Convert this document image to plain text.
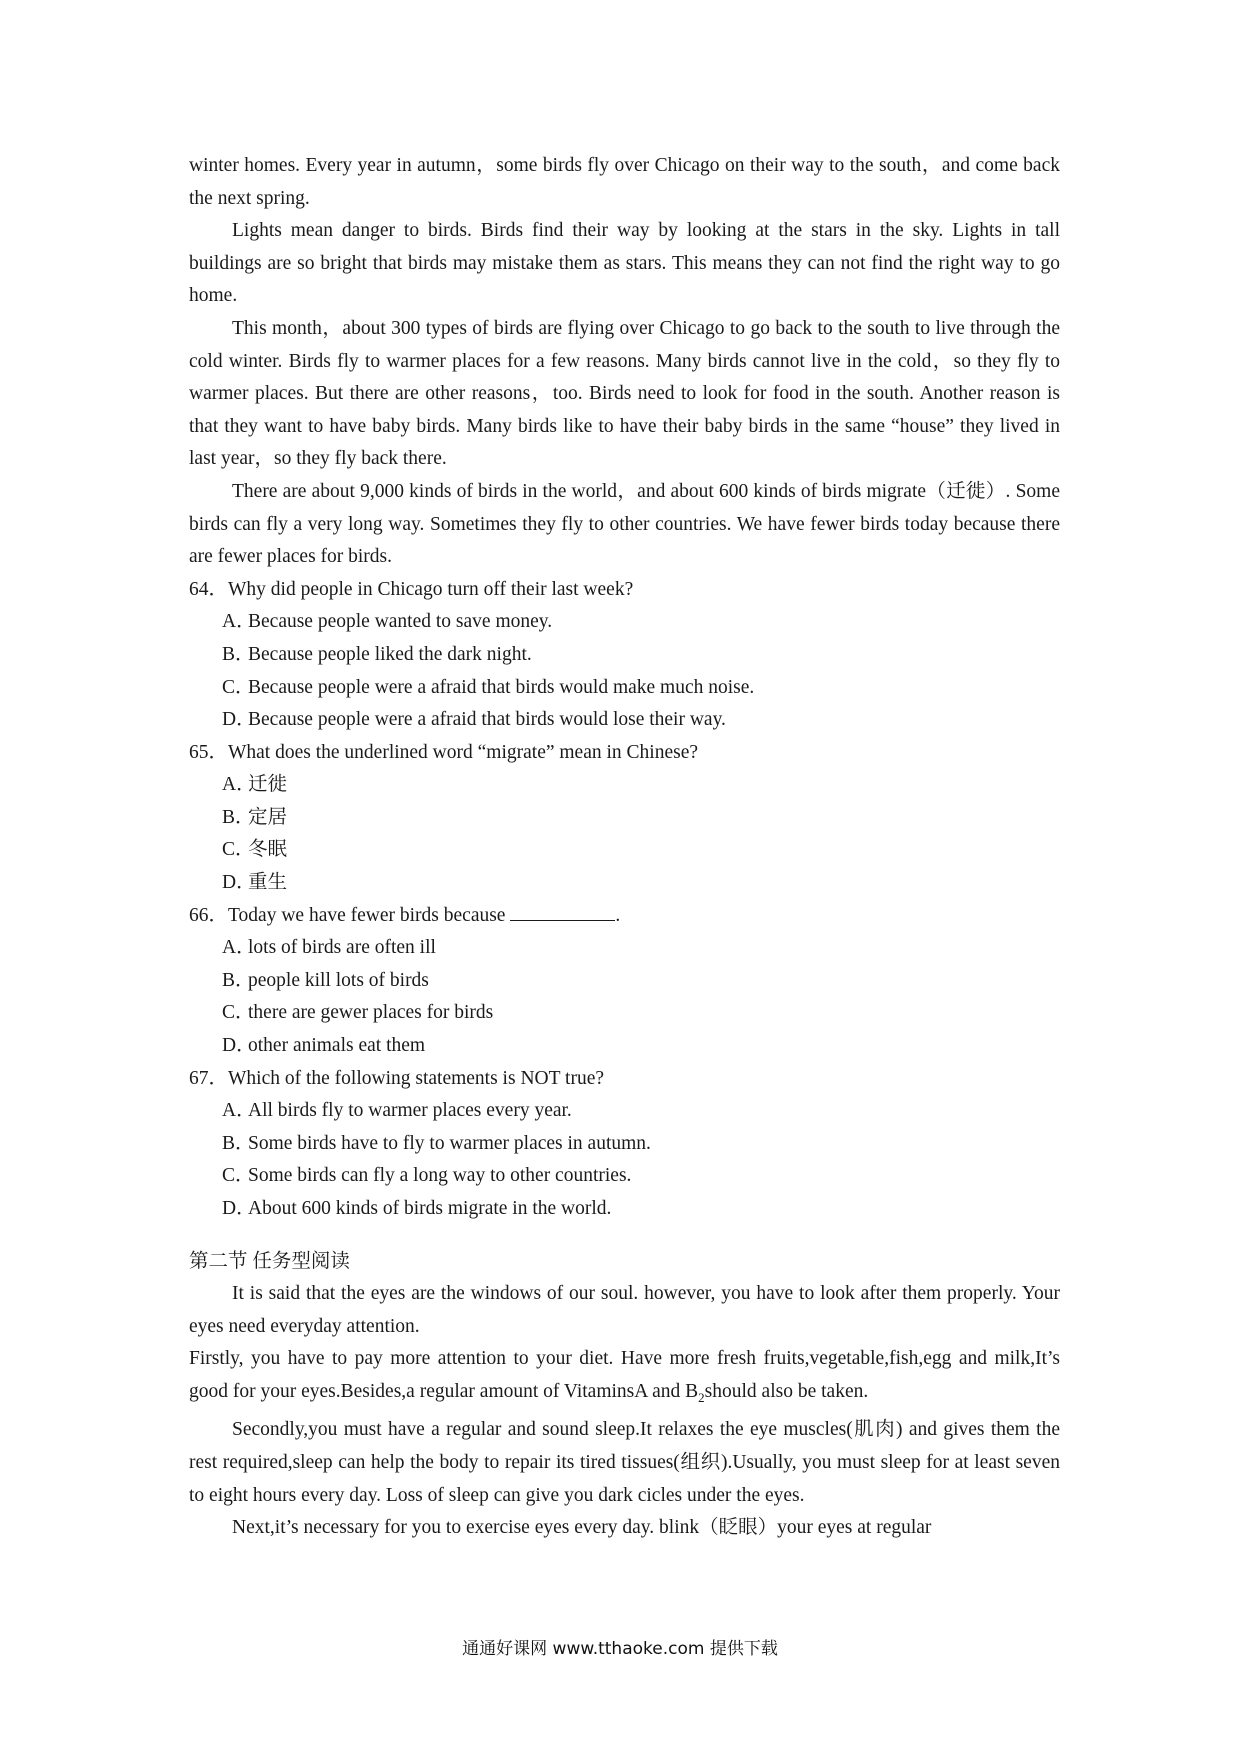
winter homes. Every year in autumn，some birds fly over Chicago on their way to the south，and come back the next spring.

Lights mean danger to birds. Birds find their way by looking at the stars in the sky. Lights in tall buildings are so bright that birds may mistake them as stars. This means they can not find the right way to go home.

This month，about 300 types of birds are flying over Chicago to go back to the south to live through the cold winter. Birds fly to warmer places for a few reasons. Many birds cannot live in the cold，so they fly to warmer places. But there are other reasons，too. Birds need to look for food in the south. Another reason is that they want to have baby birds. Many birds like to have their baby birds in the same “house” they lived in last year，so they fly back there.

There are about 9,000 kinds of birds in the world，and about 600 kinds of birds migrate（迁徙）. Some birds can fly a very long way. Sometimes they fly to other countries. We have fewer birds today because there are fewer places for birds.

64．Why did people in Chicago turn off their last week?

A．Because people wanted to save money.

B．Because people liked the dark night.

C．Because people were a afraid that birds would make much noise.

D．Because people were a afraid that birds would lose their way.

65．What does the underlined word “migrate” mean in Chinese?

A．迁徙

B．定居

C．冬眠

D．重生

66．Today we have fewer birds because	.

A．lots of birds are often ill

B．people kill lots of birds

C．there are gewer places for birds

D．other animals eat them

67．Which of the following statements is NOT true?

A．All birds fly to warmer places every year.

B．Some birds have to fly to warmer places in autumn.

C．Some birds can fly a long way to other countries.

D．About 600 kinds of birds migrate in the world.

第二节 任务型阅读

It is said that the eyes are the windows of our soul. however, you have to look after them properly. Your eyes need everyday attention.

Firstly, you have to pay more attention to your diet. Have more fresh fruits,vegetable,fish,egg and milk,It’s good for your eyes.Besides,a regular amount of VitaminsA and $B_2should$ also be taken.

Secondly,you must have a regular and sound sleep.It relaxes the eye muscles(肌肉) and gives them the rest required,sleep can help the body to repair its tired tissues(组织).Usually, you must sleep for at least seven to eight hours every day. Loss of sleep can give you dark cicles under the eyes.

Next,it’s necessary for you to exercise eyes every day. blink（眨眼）your eyes at regular

通通好课网 www.tthaoke.com 提供下载
